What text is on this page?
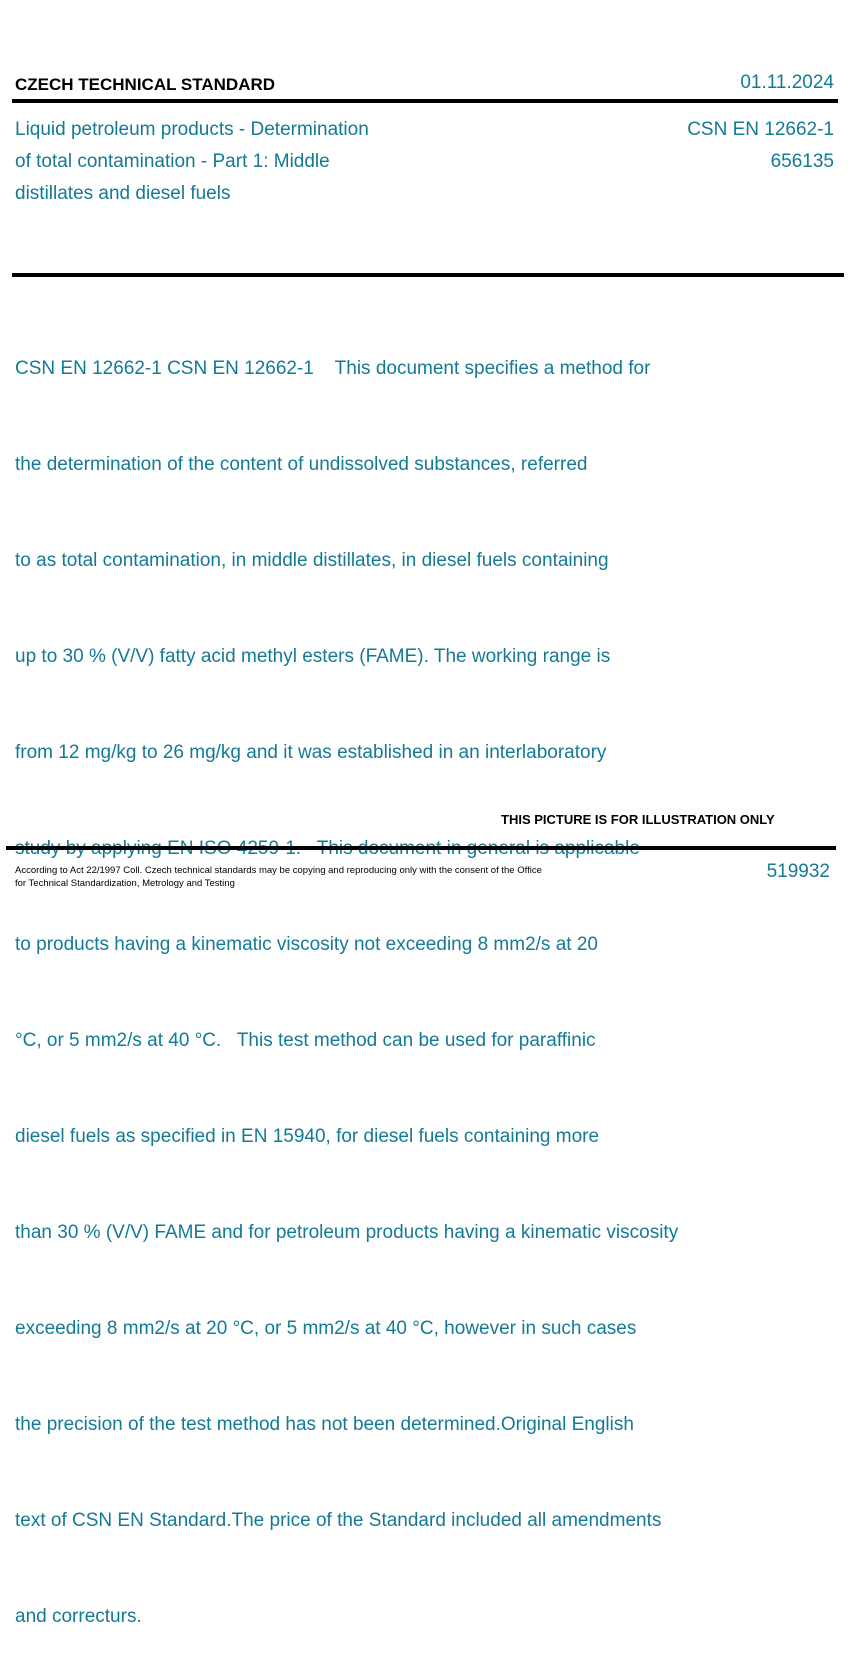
CZECH TECHNICAL STANDARD	01.11.2024
Liquid petroleum products - Determination
of total contamination - Part 1: Middle
distillates and diesel fuels
CSN EN 12662-1
656135

CSN EN 12662-1 CSN EN 12662-1    This document specifies a method for

the determination of the content of undissolved substances, referred

to as total contamination, in middle distillates, in diesel fuels containing

up to 30 % (V/V) fatty acid methyl esters (FAME). The working range is

from 12 mg/kg to 26 mg/kg and it was established in an interlaboratory

to products having a kinematic viscosity not exceeding 8 mm2/s at 20

°C, or 5 mm2/s at 40 °C.   This test method can be used for paraffinic

diesel fuels as specified in EN 15940, for diesel fuels containing more

than 30 % (V/V) FAME and for petroleum products having a kinematic viscosity

exceeding 8 mm2/s at 20 °C, or 5 mm2/s at 40 °C, however in such cases

the precision of the test method has not been determined.Original English

text of CSN EN Standard.The price of the Standard included all amendments

and correcturs.

THIS PICTURE IS FOR ILLUSTRATION ONLY
According to Act 22/1997 Coll. Czech technical standards may be copying and reproducing only with the consent of the Office
for Technical Standardization, Metrology and Testing
519932
